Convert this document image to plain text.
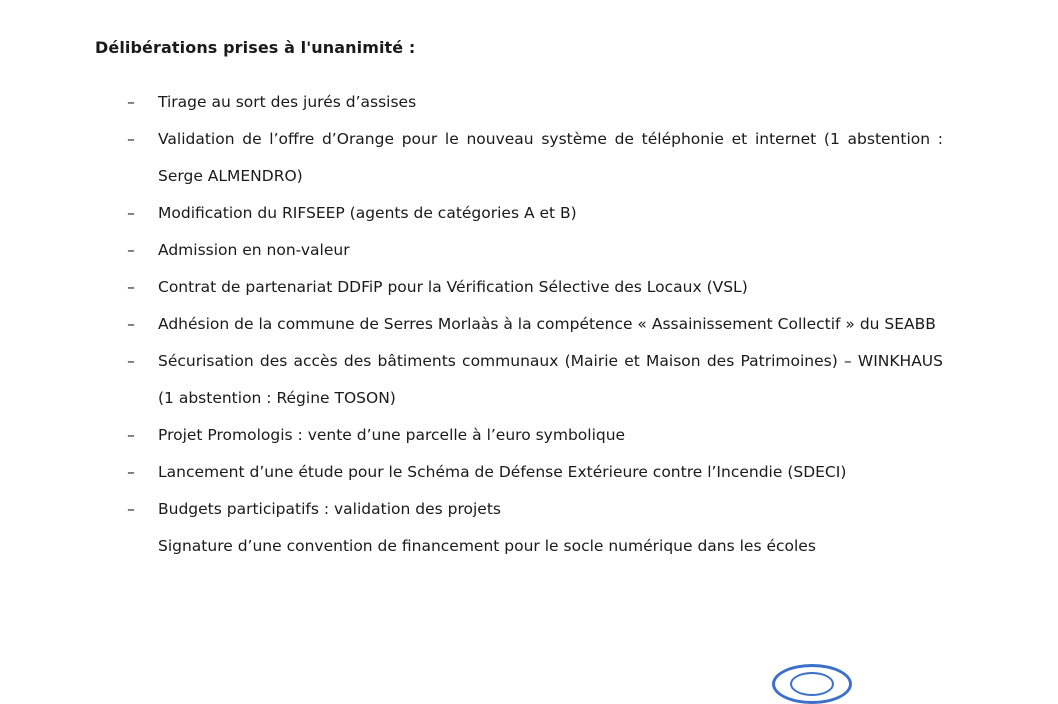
Délibérations prises à l'unanimité :
– Tirage au sort des jurés d’assises
– Validation de l’offre d’Orange pour le nouveau système de téléphonie et internet (1 abstention : Serge ALMENDRO)
– Modification du RIFSEEP (agents de catégories A et B)
– Admission en non-valeur
– Contrat de partenariat DDFiP pour la Vérification Sélective des Locaux (VSL)
– Adhésion de la commune de Serres Morlaàs à la compétence « Assainissement Collectif » du SEABB
– Sécurisation des accès des bâtiments communaux (Mairie et Maison des Patrimoines) – WINKHAUS (1 abstention : Régine TOSON)
– Projet Promologis : vente d’une parcelle à l’euro symbolique
– Lancement d’une étude pour le Schéma de Défense Extérieure contre l’Incendie (SDECI)
– Budgets participatifs : validation des projets
Signature d’une convention de financement pour le socle numérique dans les écoles
